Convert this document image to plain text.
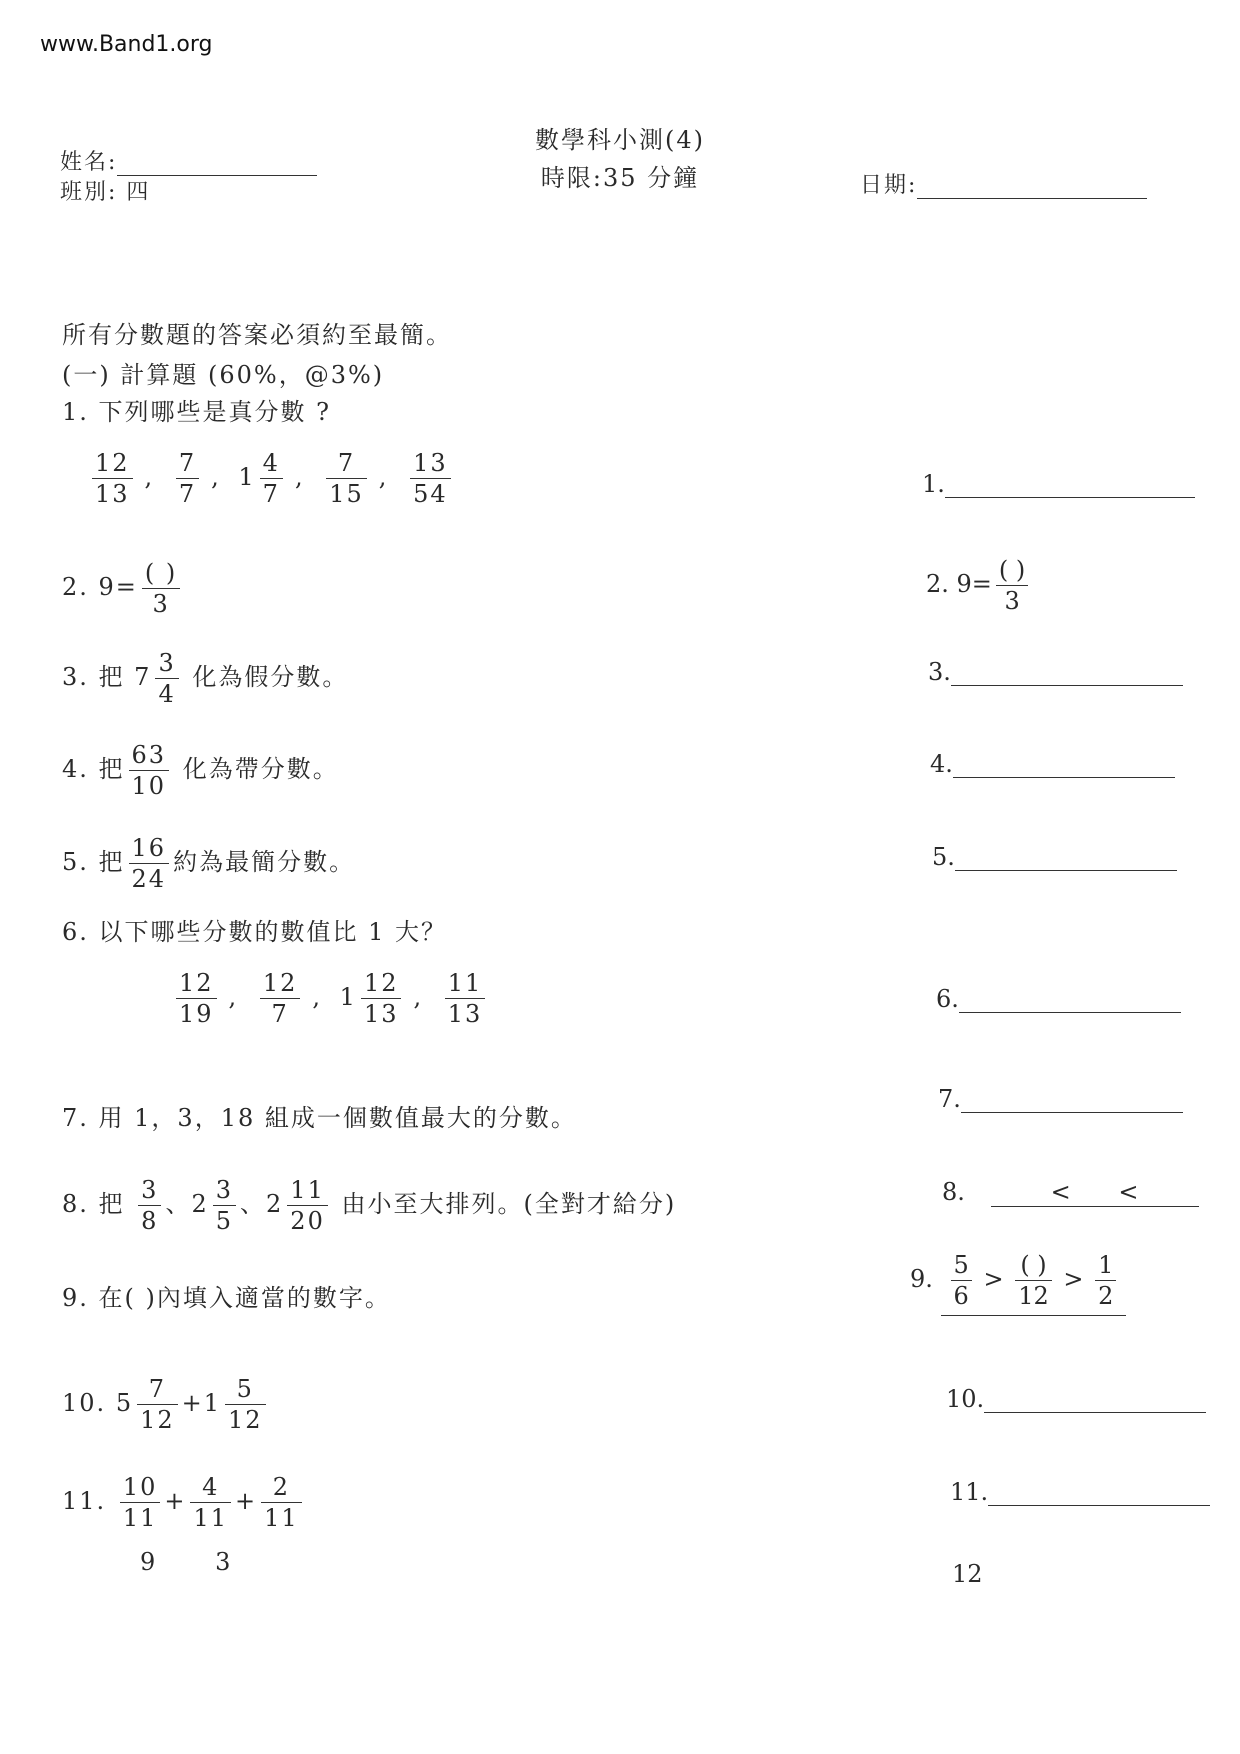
www.Band1.org
數學科小測(4)
時限:35 分鐘
姓名:
班別: 四	日期:
所有分數題的答案必須約至最簡。
(一) 計算題 (60%，@3%)
1. 下列哪些是真分數 ?
$\frac{12}{13}$ , $\frac{7}{7}$ , $1 \frac{4}{7}$ , $\frac{7}{15}$ , $\frac{13}{54}$
2. $9= \frac{( )}{3}$
3. 把 $7 \frac{3}{4}$ 化為假分數。
4. 把 $\frac{63}{10}$ 化為帶分數。
5. 把 $\frac{16}{24}$ 約為最簡分數。
6. 以下哪些分數的數值比 1 大？
$\frac{12}{19}$ , $\frac{12}{7}$ , $1 \frac{12}{13}$ , $\frac{11}{13}$
7. 用 1，3，18 組成一個數值最大的分數。
8. 把 $\frac{3}{8}$ 、$2 \frac{3}{5}$ 、$2 \frac{11}{20}$ 由小至大排列。(全對才給分)
9. 在( )內填入適當的數字。
10. $5 \frac{7}{12} +1 \frac{5}{12}$
11. $\frac{10}{11} + \frac{4}{11} + \frac{2}{11}$
9 3
1.
2. $9= \frac{( )}{3}$
3.
4.
5.
6.
7.
8.	< <
9. $\frac{5}{6} > \frac{( )}{12} > \frac{1}{2}$
10.
11.
12
